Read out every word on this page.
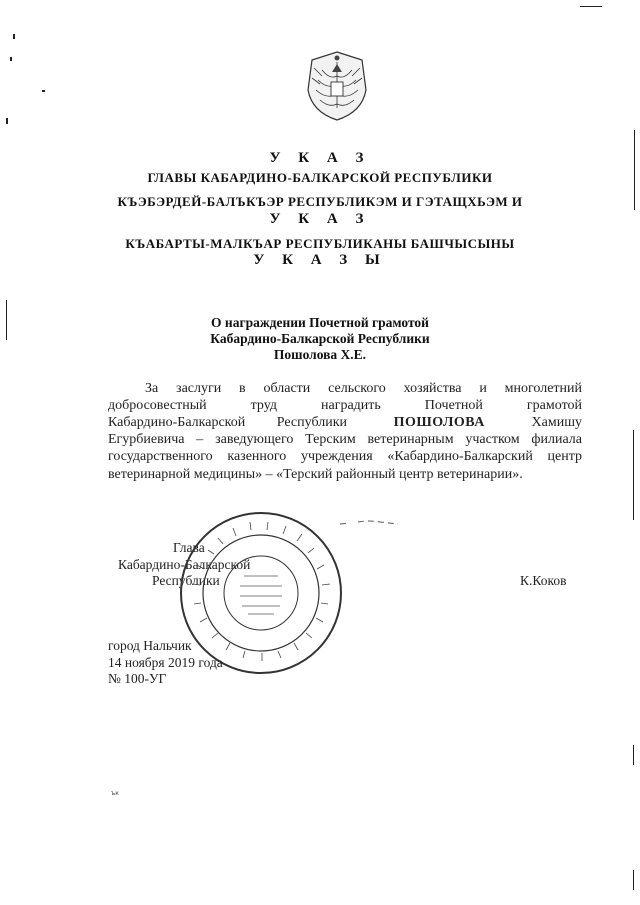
У К А З
ГЛАВЫ КАБАРДИНО-БАЛКАРСКОЙ РЕСПУБЛИКИ
КЪЭБЭРДЕЙ-БАЛЪКЪЭР РЕСПУБЛИКЭМ И ГЭТАЩХЬЭМ И
У К А З
КЪАБАРТЫ-МАЛКЪАР РЕСПУБЛИКАНЫ БАШЧЫСЫНЫ
У К А З Ы
О награждении Почетной грамотой
Кабардино-Балкарской Республики
Пошолова Х.Е.
За заслуги в области сельского хозяйства и многолетний
добросовестный труд наградить Почетной грамотой
Кабардино-Балкарской Республики	ПОШОЛОВА	Хамишу
Егурбиевича – заведующего Терским ветеринарным участком филиала
государственного казенного учреждения «Кабардино-Балкарский центр
ветеринарной медицины» – «Терский районный центр ветеринарии».
Глава
Кабардино-Балкарской
Республики	К.Коков
город Нальчик
14 ноября 2019 года
№ 100-УГ
ък
